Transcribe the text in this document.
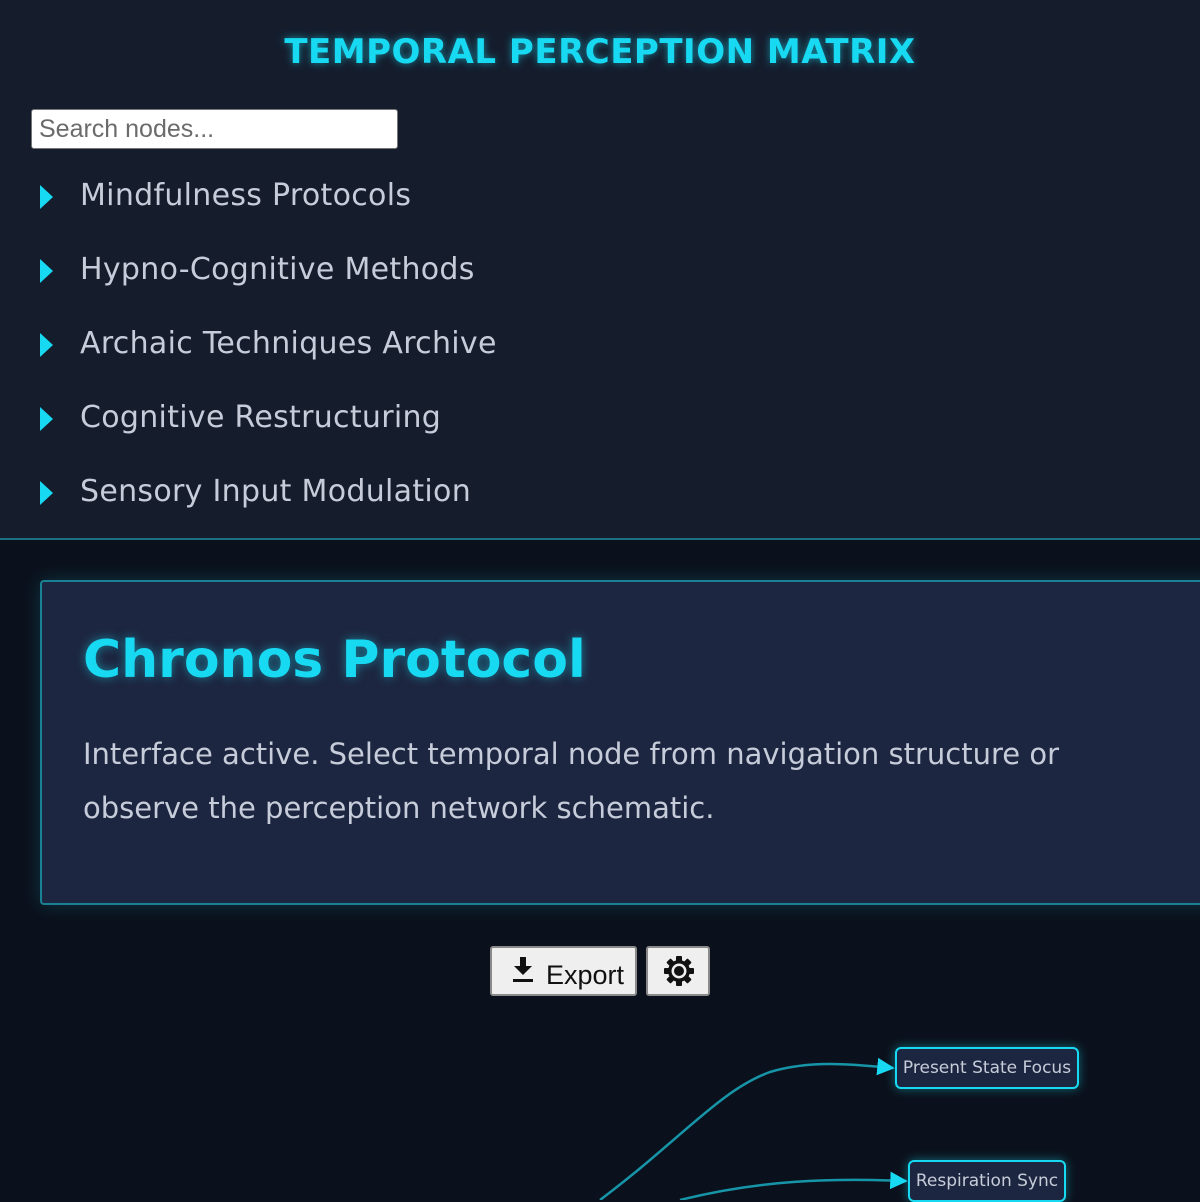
TEMPORAL PERCEPTION MATRIX
Search nodes...
Mindfulness Protocols
Hypno-Cognitive Methods
Archaic Techniques Archive
Cognitive Restructuring
Sensory Input Modulation
Chronos Protocol

Interface active. Select temporal node from navigation structure or observe the perception network schematic.

Export
Present State Focus
Respiration Sync
